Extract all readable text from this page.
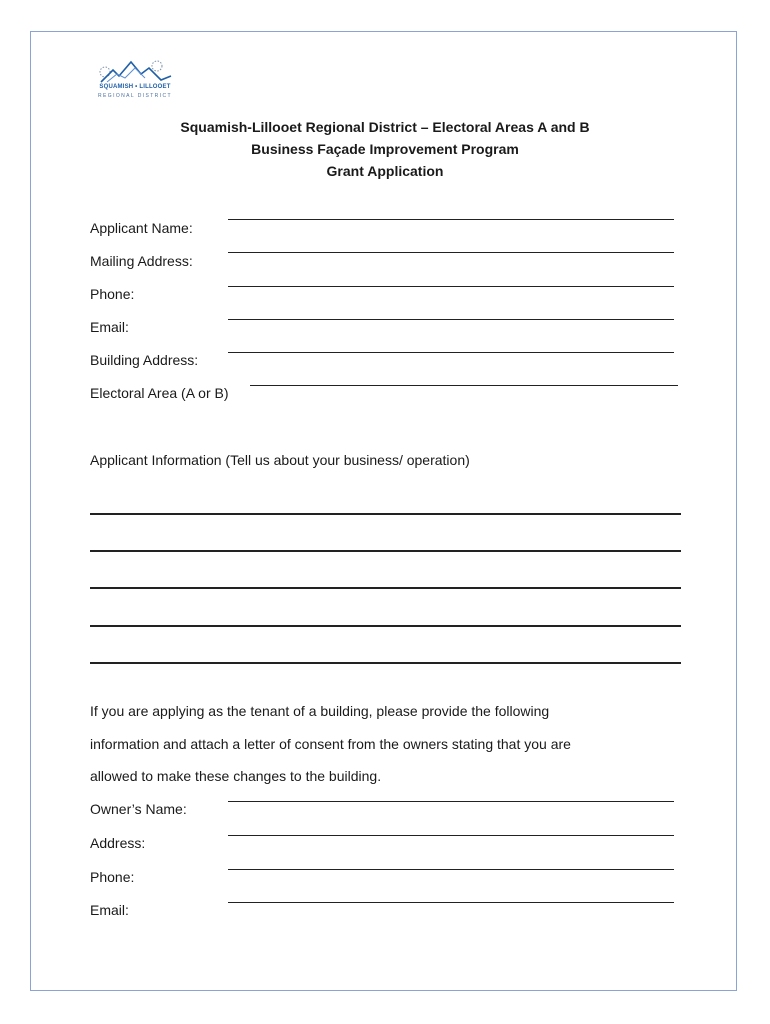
SQUAMISH • LILLOOET
REGIONAL DISTRICT
Squamish-Lillooet Regional District – Electoral Areas A and B
Business Façade Improvement Program
Grant Application
Applicant Name:
Mailing Address:
Phone:
Email:
Building Address:
Electoral Area (A or B)
Applicant Information (Tell us about your business/ operation)
If you are applying as the tenant of a building, please provide the following
information and attach a letter of consent from the owners stating that you are
allowed to make these changes to the building.
Owner’s Name:
Address:
Phone:
Email:
